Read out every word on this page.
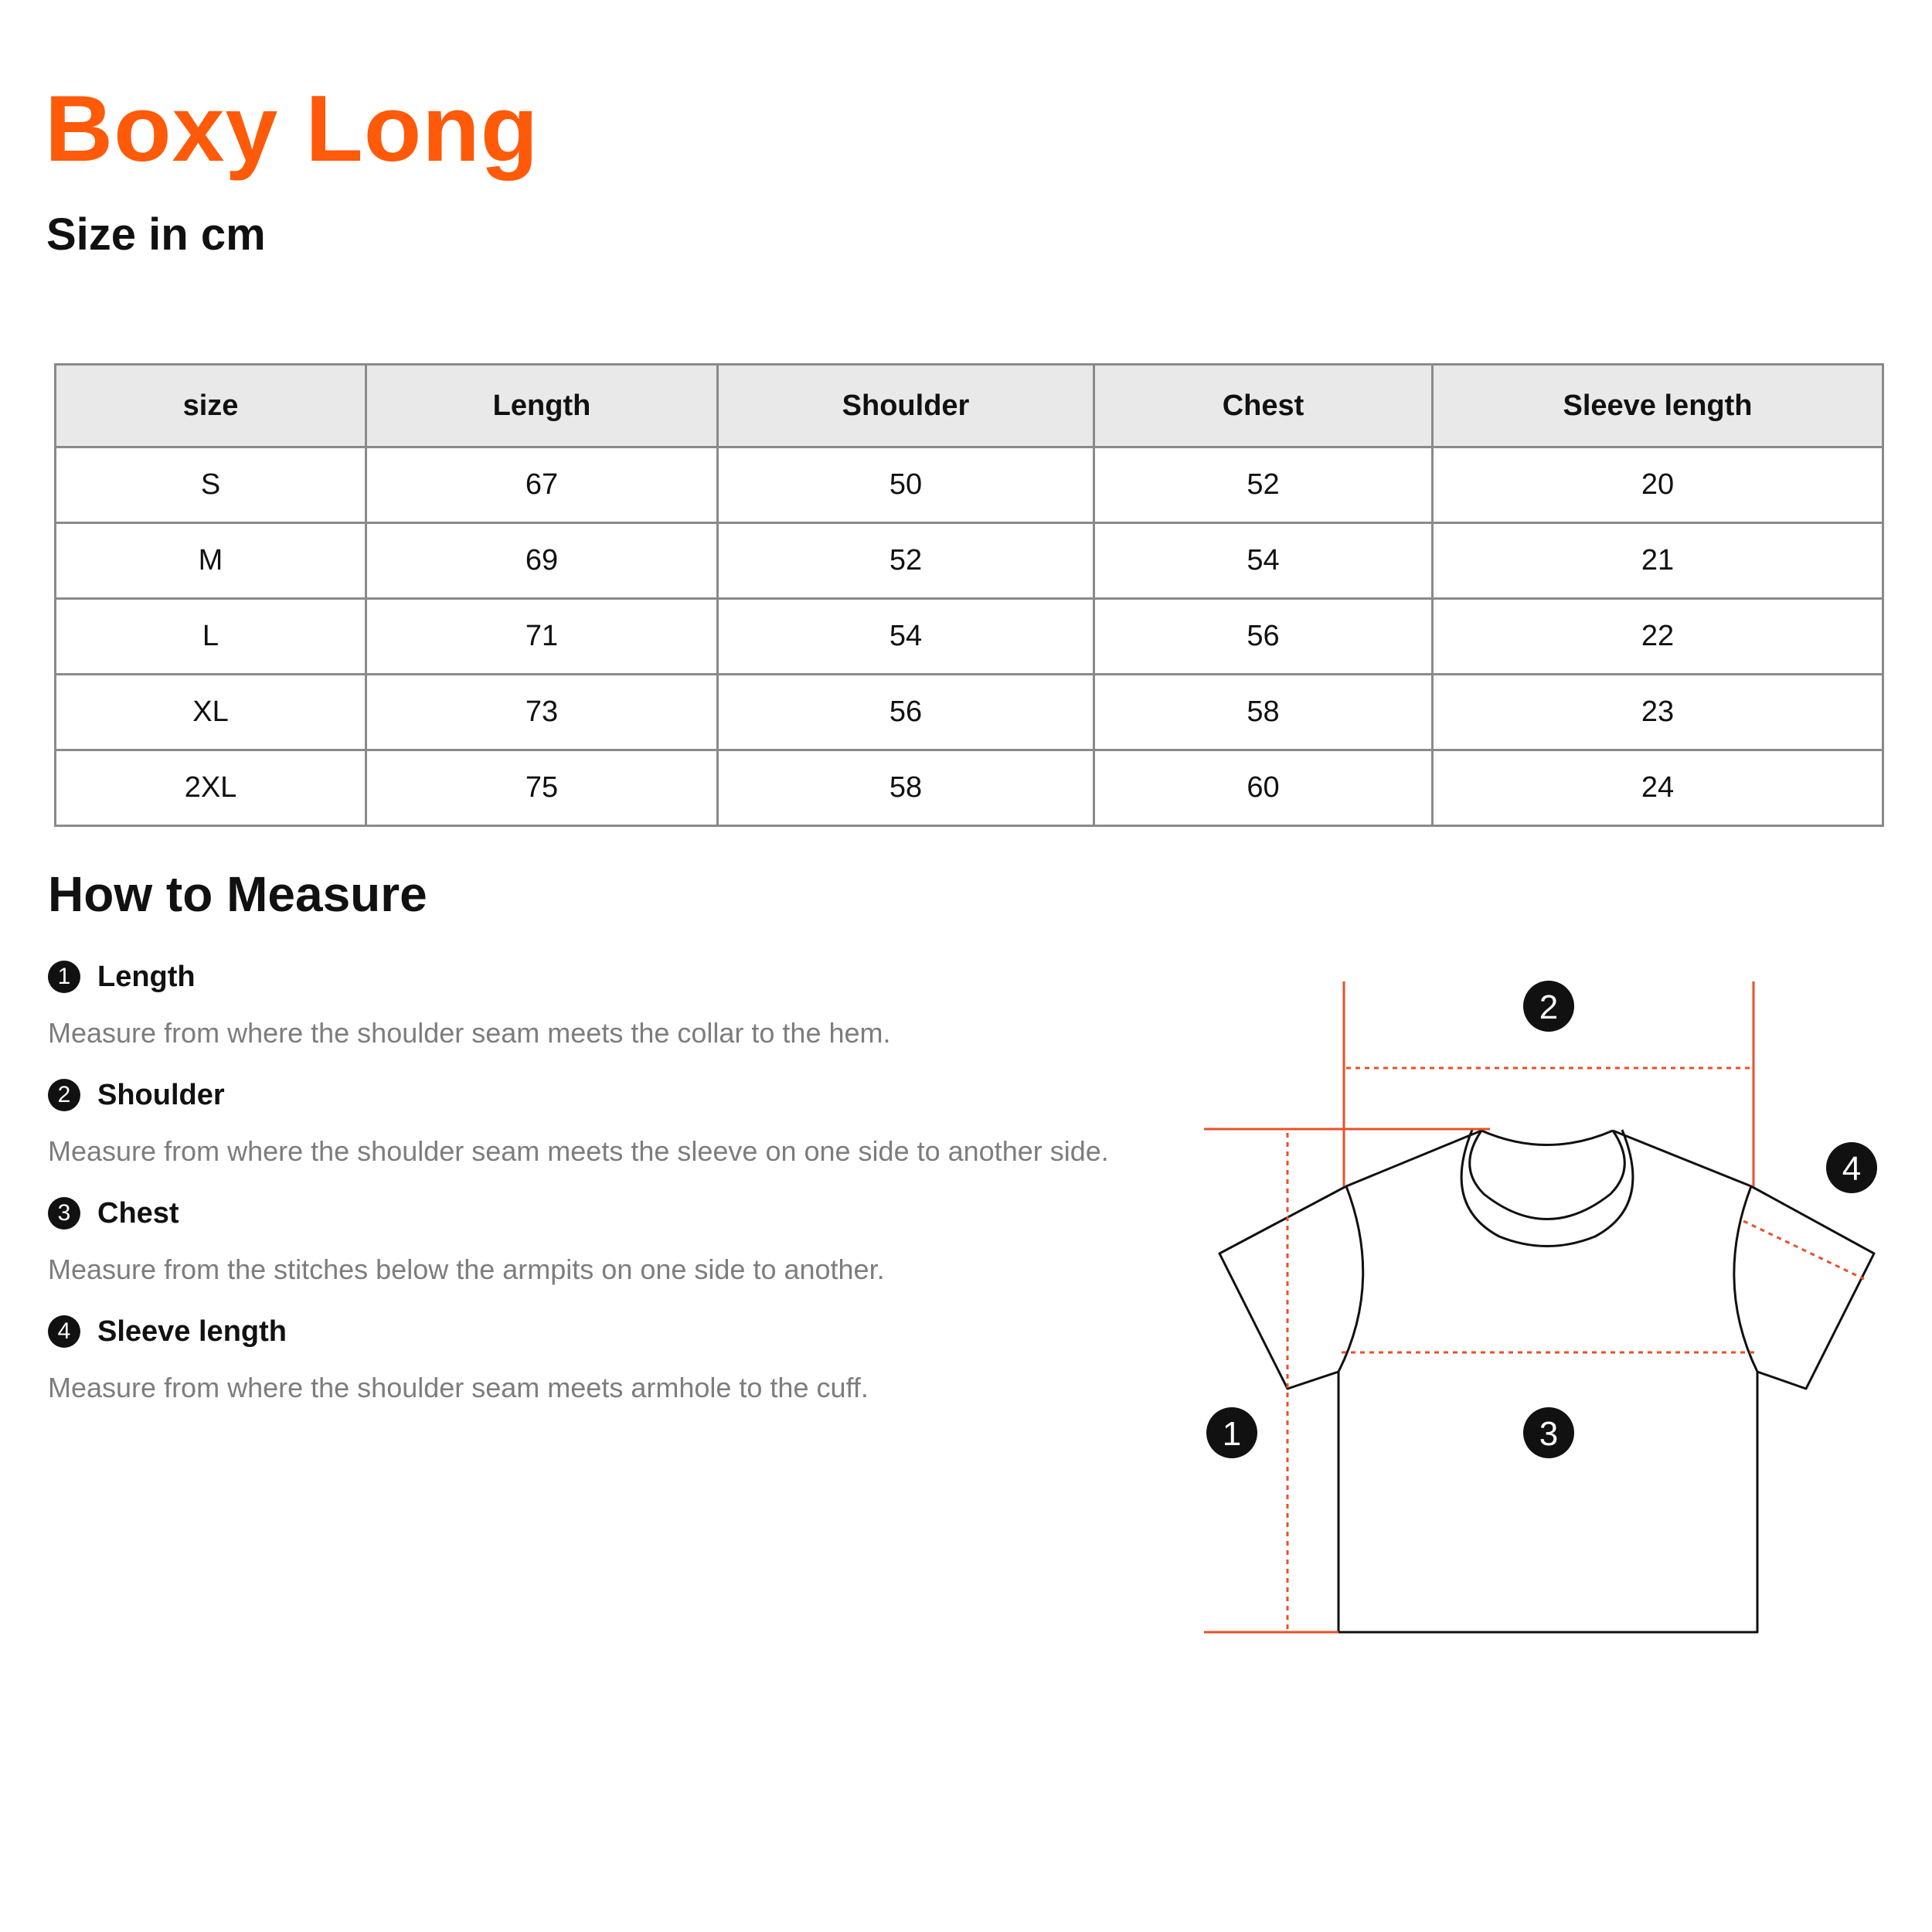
Boxy Long
Size in cm
size	Length	Shoulder	Chest	Sleeve length
S	67	50	52	20
M	69	52	54	21
L	71	54	56	22
XL	73	56	58	23
2XL	75	58	60	24
How to Measure
1 Length
Measure from where the shoulder seam meets the collar to the hem.
2 Shoulder
Measure from where the shoulder seam meets the sleeve on one side to another side.
3 Chest
Measure from the stitches below the armpits on one side to another.
4 Sleeve length
Measure from where the shoulder seam meets armhole to the cuff.
1
2
3
4
